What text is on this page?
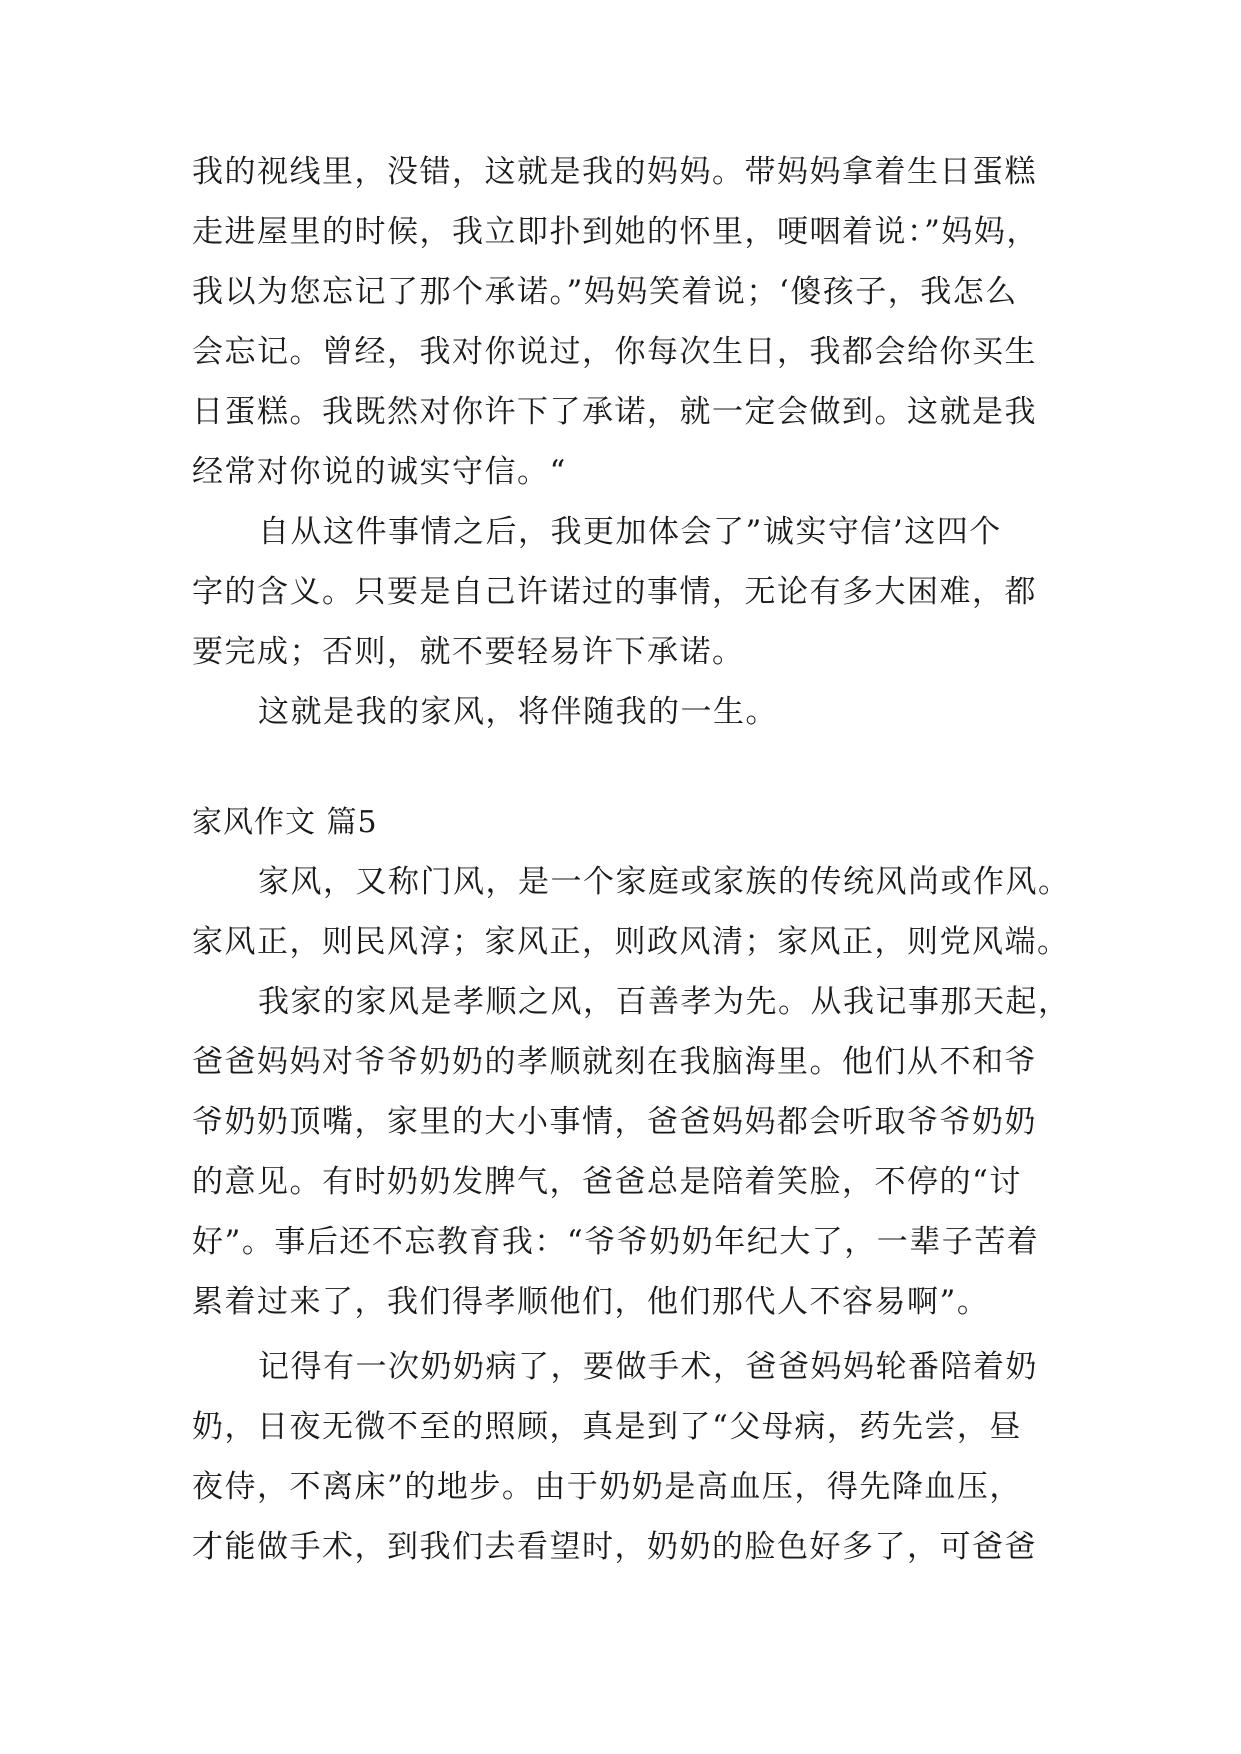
我的视线里，没错，这就是我的妈妈。带妈妈拿着生日蛋糕
走进屋里的时候，我立即扑到她的怀里，哽咽着说：”妈妈，
我以为您忘记了那个承诺。”妈妈笑着说；‘傻孩子，我怎么
会忘记。曾经，我对你说过，你每次生日，我都会给你买生
日蛋糕。我既然对你许下了承诺，就一定会做到。这就是我
经常对你说的诚实守信。“
自从这件事情之后，我更加体会了”诚实守信’这四个
字的含义。只要是自己许诺过的事情，无论有多大困难，都
要完成；否则，就不要轻易许下承诺。
这就是我的家风，将伴随我的一生。
家风作文 篇5
家风，又称门风，是一个家庭或家族的传统风尚或作风。
家风正，则民风淳；家风正，则政风清；家风正，则党风端。
我家的家风是孝顺之风，百善孝为先。从我记事那天起，
爸爸妈妈对爷爷奶奶的孝顺就刻在我脑海里。他们从不和爷
爷奶奶顶嘴，家里的大小事情，爸爸妈妈都会听取爷爷奶奶
的意见。有时奶奶发脾气，爸爸总是陪着笑脸，不停的“讨
好”。事后还不忘教育我：“爷爷奶奶年纪大了，一辈子苦着
累着过来了，我们得孝顺他们，他们那代人不容易啊”。
记得有一次奶奶病了，要做手术，爸爸妈妈轮番陪着奶
奶，日夜无微不至的照顾，真是到了“父母病，药先尝，昼
夜侍，不离床”的地步。由于奶奶是高血压，得先降血压，
才能做手术，到我们去看望时，奶奶的脸色好多了，可爸爸
